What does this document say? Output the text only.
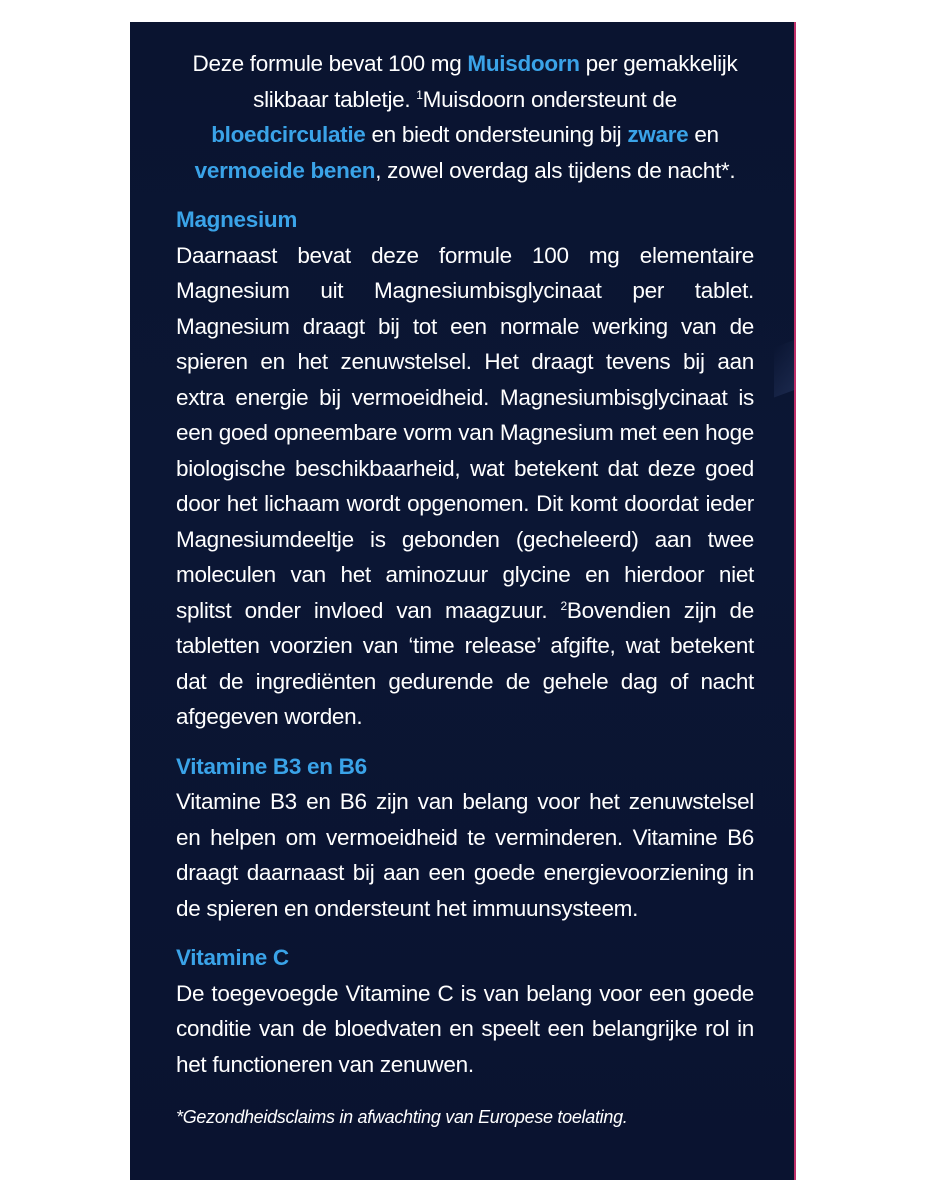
Deze formule bevat 100 mg Muisdoorn per gemakkelijk slikbaar tabletje. $^1$Muisdoorn ondersteunt de bloedcirculatie en biedt ondersteuning bij zware en vermoeide benen, zowel overdag als tijdens de nacht*.

Magnesium

Daarnaast bevat deze formule 100 mg elementaire Magnesium uit Magnesiumbisglycinaat per tablet. Magnesium draagt bij tot een normale werking van de spieren en het zenuwstelsel. Het draagt tevens bij aan extra energie bij vermoeidheid. Magnesiumbisglycinaat is een goed opneembare vorm van Magnesium met een hoge biologische beschikbaarheid, wat betekent dat deze goed door het lichaam wordt opgenomen. Dit komt doordat ieder Magnesiumdeeltje is gebonden (gecheleerd) aan twee moleculen van het aminozuur glycine en hierdoor niet splitst onder invloed van maagzuur. $^2$Bovendien zijn de tabletten voorzien van ‘time release’ afgifte, wat betekent dat de ingrediënten gedurende de gehele dag of nacht afgegeven worden.

Vitamine B3 en B6

Vitamine B3 en B6 zijn van belang voor het zenuwstelsel en helpen om vermoeidheid te verminderen. Vitamine B6 draagt daarnaast bij aan een goede energievoorziening in de spieren en ondersteunt het immuunsysteem.

Vitamine C

De toegevoegde Vitamine C is van belang voor een goede conditie van de bloedvaten en speelt een belangrijke rol in het functioneren van zenuwen.

*Gezondheidsclaims in afwachting van Europese toelating.
